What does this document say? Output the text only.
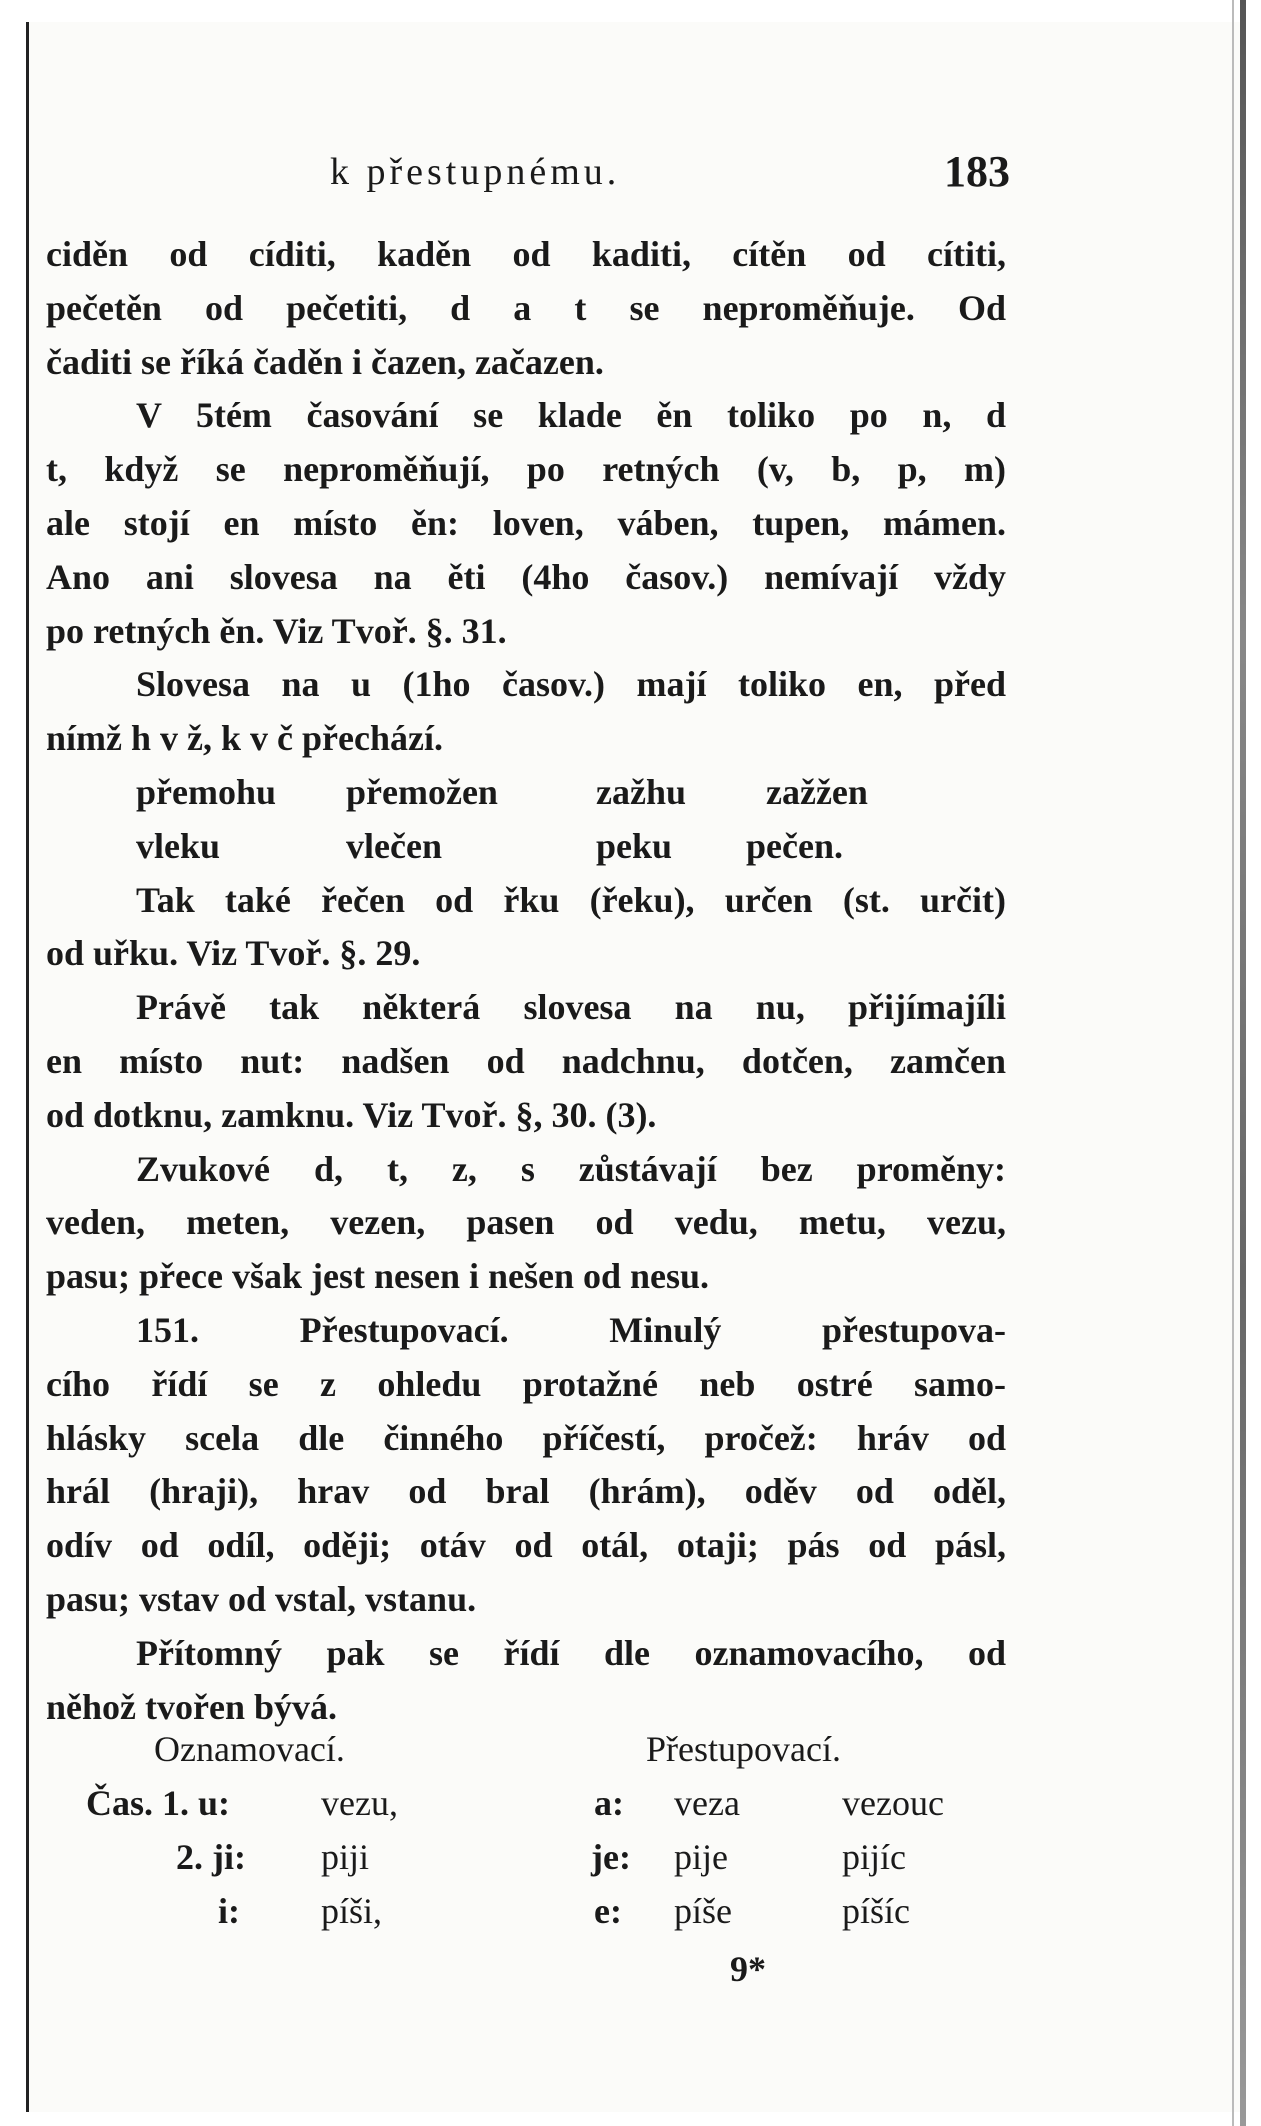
k přestupnému.	183
ciděn od cíditi, kaděn od kaditi, cítěn od cítiti,
pečetěn od pečetiti, d a t se neproměňuje. Od
čaditi se říká čaděn i čazen, začazen.
V 5tém časování se klade ěn toliko po n, d
t, když se neproměňují, po retných (v, b, p, m)
ale stojí en místo ěn: loven, váben, tupen, mámen.
Ano ani slovesa na ěti (4ho časov.) nemívají vždy
po retných ěn. Viz Tvoř. §. 31.
Slovesa na u (1ho časov.) mají toliko en, před
nímž h v ž, k v č přechází.
přemohu přemožen	zažhu zažžen
vleku	vlečen	peku pečen.
Tak také řečen od řku (řeku), určen (st. určit)
od uřku. Viz Tvoř. §. 29.
Právě tak některá slovesa na nu, přijímajíli
en místo nut: nadšen od nadchnu, dotčen, zamčen
od dotknu, zamknu. Viz Tvoř. §, 30. (3).
Zvukové d, t, z, s zůstávají bez proměny:
veden, meten, vezen, pasen od vedu, metu, vezu,
pasu; přece však jest nesen i nešen od nesu.
151. Přestupovací. Minulý přestupova-
cího řídí se z ohledu protažné neb ostré samo-
hlásky scela dle činného příčestí, pročež: hráv od
hrál (hraji), hrav od bral (hrám), oděv od oděl,
odív od odíl, oději; otáv od otál, otaji; pás od pásl,
pasu; vstav od vstal, vstanu.
Přítomný pak se řídí dle oznamovacího, od
něhož tvořen bývá.
Oznamovací.	Přestupovací.
Čas. 1. u:	vezu,	a: veza	vezouc
2. ji: piji	je: pije	pijíc
i: píši,	e: píše	píšíc
9*
